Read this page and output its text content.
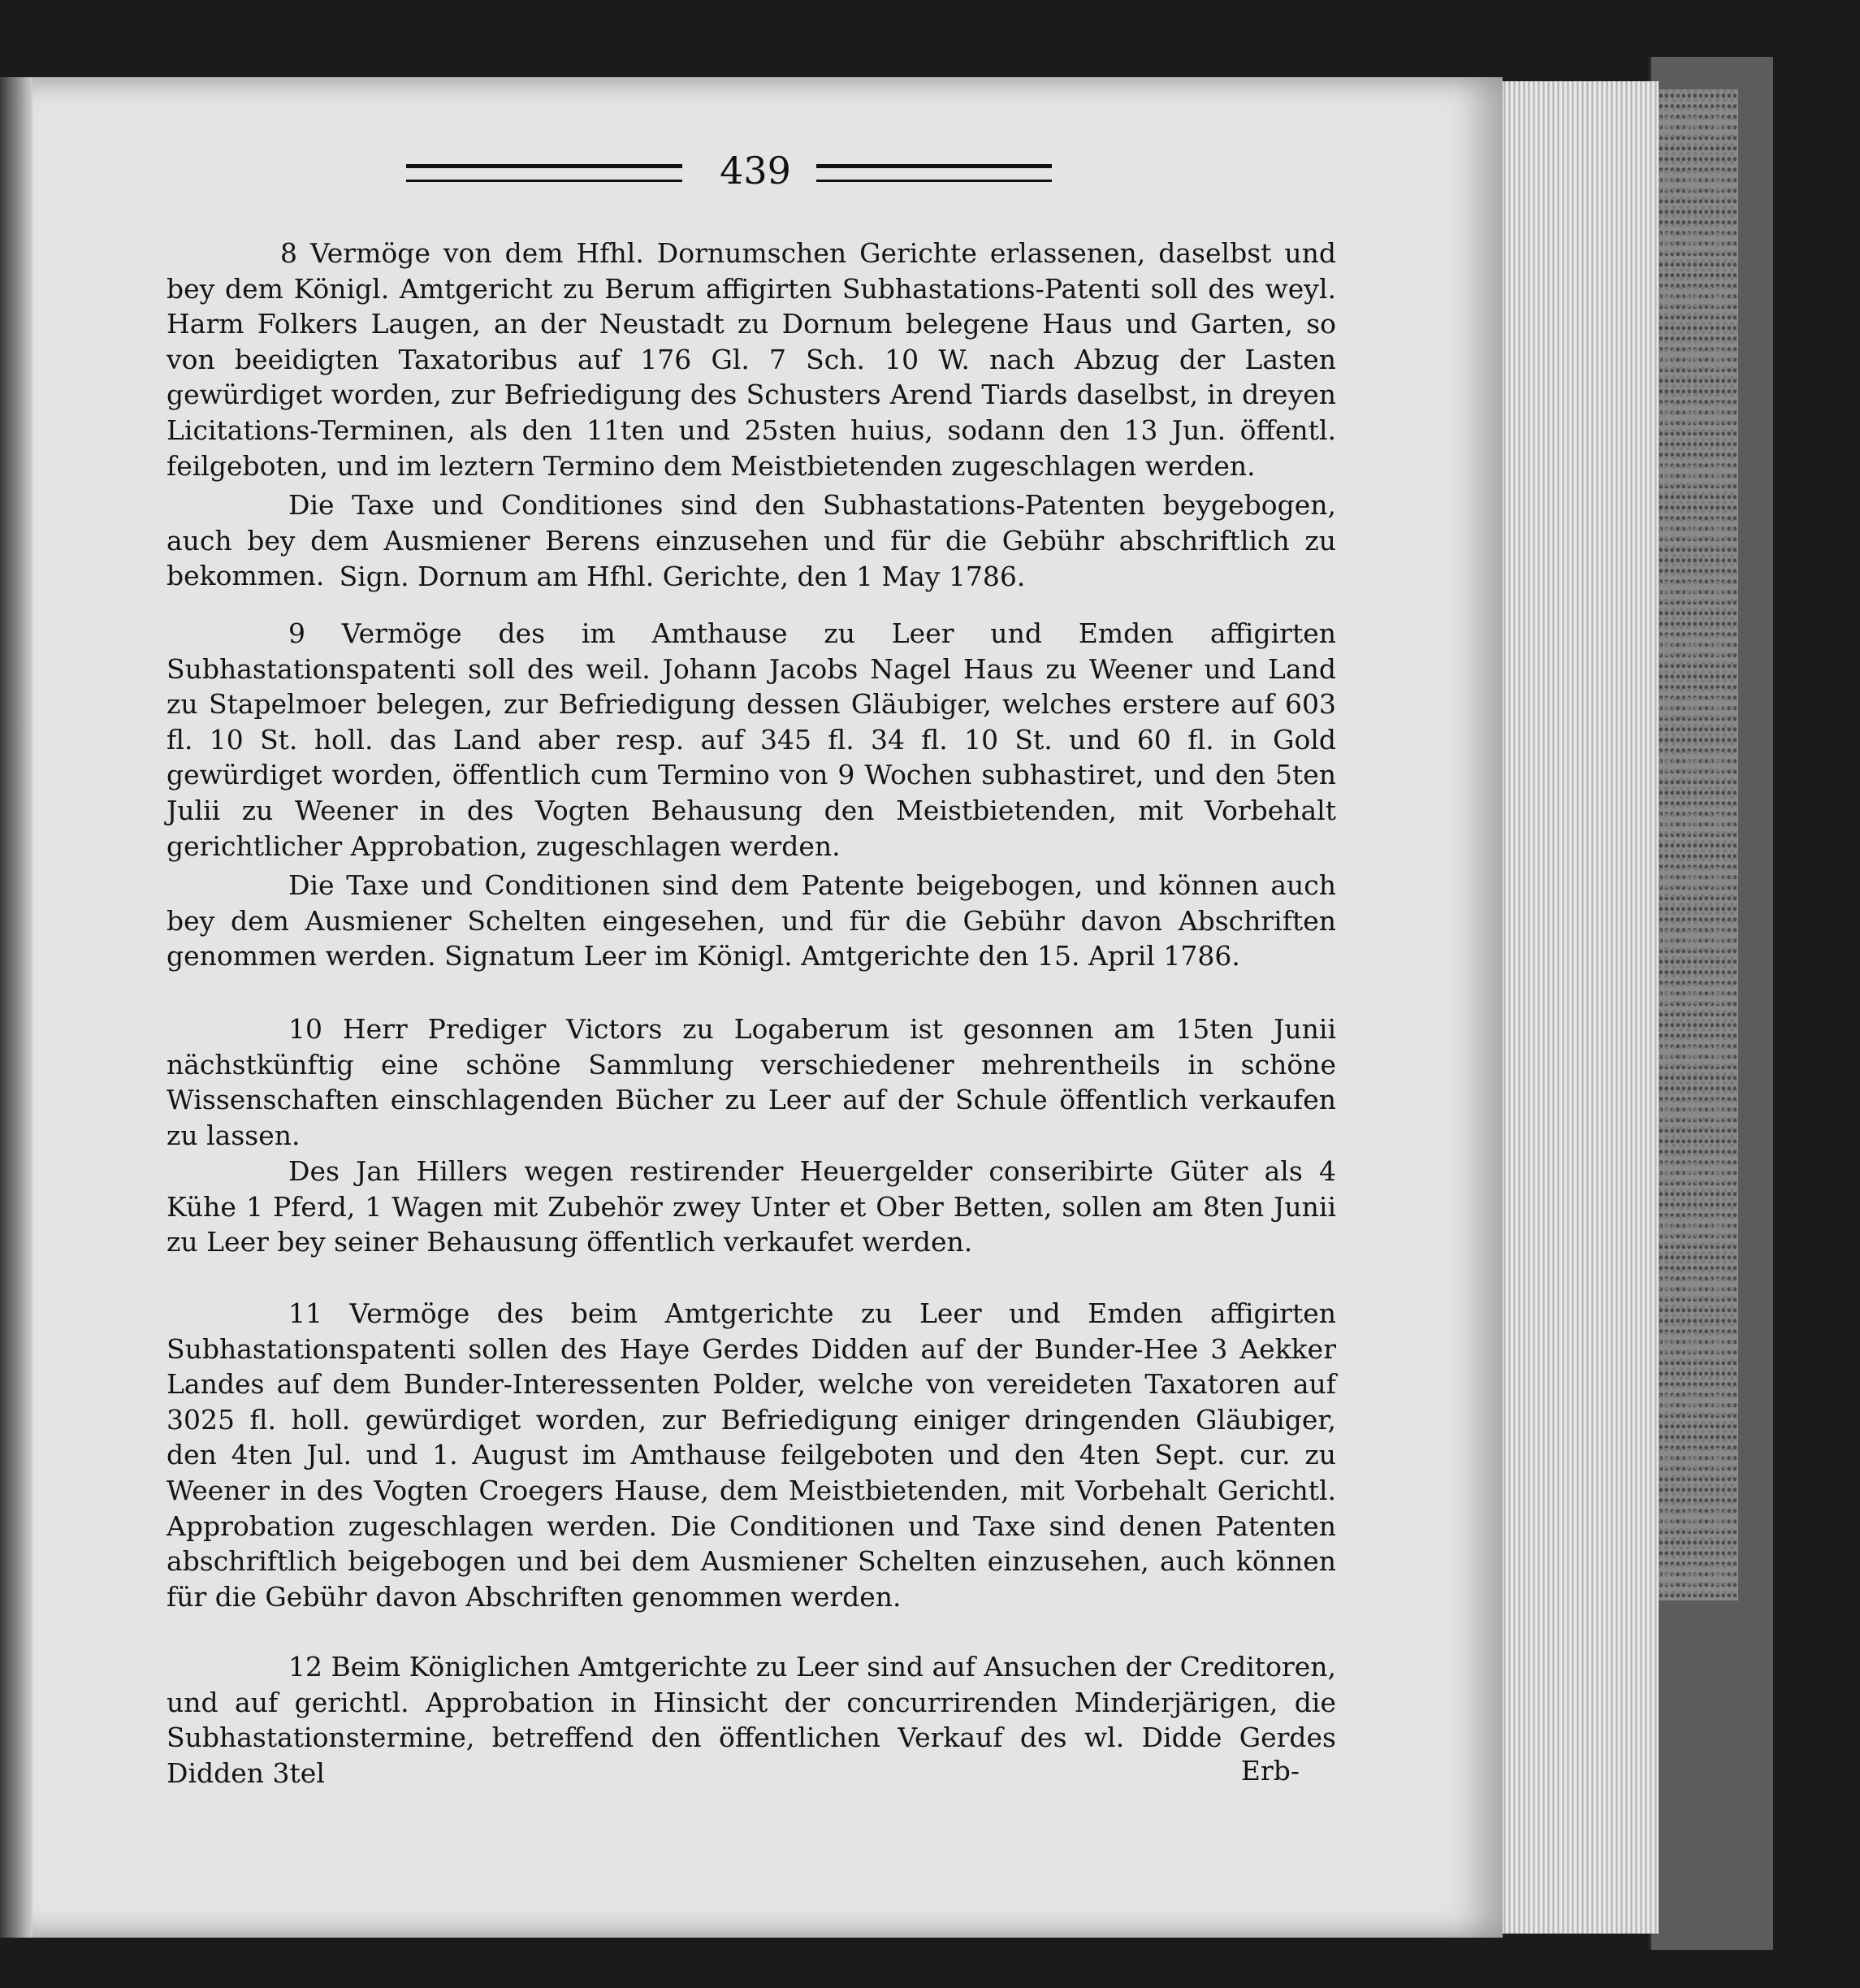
439

8 Vermöge von dem Hfhl. Dornumschen Gerichte erlassenen, daselbst und bey dem Königl. Amtgericht zu Berum affigirten Subhastations-Patenti soll des weyl. Harm Folkers Laugen, an der Neustadt zu Dornum belegene Haus und Garten, so von beeidigten Taxatoribus auf 176 Gl. 7 Sch. 10 W. nach Abzug der Lasten gewürdiget worden, zur Befriedigung des Schusters Arend Tiards daselbst, in dreyen Licitations-Terminen, als den 11ten und 25sten huius, sodann den 13 Jun. öffentl. feilgeboten, und im leztern Termino dem Meistbietenden zugeschlagen werden.

Die Taxe und Conditiones sind den Subhastations-Patenten beygebogen, auch bey dem Ausmiener Berens einzusehen und für die Gebühr abschriftlich zu bekommen. Sign. Dornum am Hfhl. Gerichte, den 1 May 1786.

9 Vermöge des im Amthause zu Leer und Emden affigirten Subhastationspatenti soll des weil. Johann Jacobs Nagel Haus zu Weener und Land zu Stapelmoer belegen, zur Befriedigung dessen Gläubiger, welches erstere auf 603 fl. 10 St. holl. das Land aber resp. auf 345 fl. 34 fl. 10 St. und 60 fl. in Gold gewürdiget worden, öffentlich cum Termino von 9 Wochen subhastiret, und den 5ten Julii zu Weener in des Vogten Behausung den Meistbietenden, mit Vorbehalt gerichtlicher Approbation, zugeschlagen werden.

Die Taxe und Conditionen sind dem Patente beigebogen, und können auch bey dem Ausmiener Schelten eingesehen, und für die Gebühr davon Abschriften genommen werden. Signatum Leer im Königl. Amtgerichte den 15. April 1786.

10 Herr Prediger Victors zu Logaberum ist gesonnen am 15ten Junii nächstkünftig eine schöne Sammlung verschiedener mehrentheils in schöne Wissenschaften einschlagenden Bücher zu Leer auf der Schule öffentlich verkaufen zu lassen.

Des Jan Hillers wegen restirender Heuergelder conseribirte Güter als 4 Kühe 1 Pferd, 1 Wagen mit Zubehör zwey Unter et Ober Betten, sollen am 8ten Junii zu Leer bey seiner Behausung öffentlich verkaufet werden.

11 Vermöge des beim Amtgerichte zu Leer und Emden affigirten Subhastationspatenti sollen des Haye Gerdes Didden auf der Bunder-Hee 3 Aekker Landes auf dem Bunder-Interessenten Polder, welche von vereideten Taxatoren auf 3025 fl. holl. gewürdiget worden, zur Befriedigung einiger dringenden Gläubiger, den 4ten Jul. und 1. August im Amthause feilgeboten und den 4ten Sept. cur. zu Weener in des Vogten Croegers Hause, dem Meistbietenden, mit Vorbehalt Gerichtl. Approbation zugeschlagen werden. Die Conditionen und Taxe sind denen Patenten abschriftlich beigebogen und bei dem Ausmiener Schelten einzusehen, auch können für die Gebühr davon Abschriften genommen werden.

12 Beim Königlichen Amtgerichte zu Leer sind auf Ansuchen der Creditoren, und auf gerichtl. Approbation in Hinsicht der concurrirenden Minderjärigen, die Subhastationstermine, betreffend den öffentlichen Verkauf des wl. Didde Gerdes Didden 3tel	Erb-
